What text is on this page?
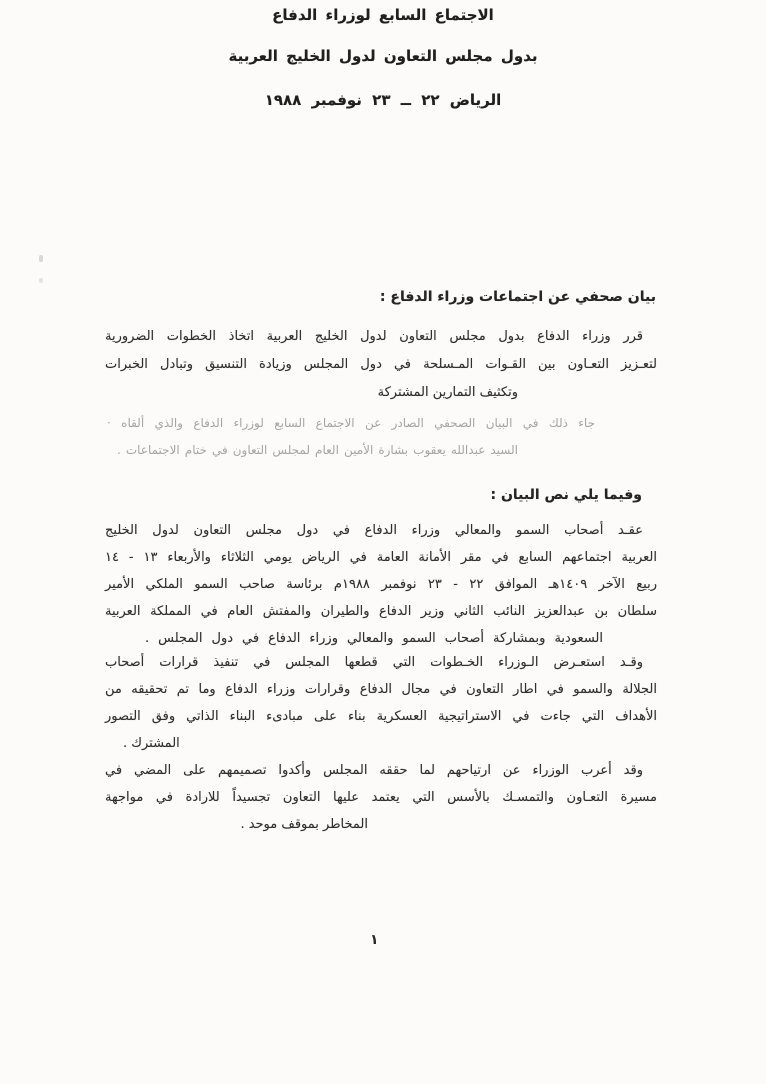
الاجتماع السابع لوزراء الدفاع
بدول مجلس التعاون لدول الخليج العربية
الرياض ٢٢ ــ ٢٣ نوفمبر ١٩٨٨
بيان صحفي عن اجتماعات وزراء الدفاع :
قرر وزراء الدفاع بدول مجلس التعاون لدول الخليج العربية اتخاذ الخطوات الضرورية
لتعـزيز التعـاون بين القـوات المـسلحة في دول المجلس وزيادة التنسيق وتبادل الخبرات
وتكثيف التمارين المشتركة
جاء ذلك في البيان الصحفي الصادر عن الاجتماع السابع لوزراء الدفاع والذي ألقاه ·
السيد عبدالله يعقوب بشارة الأمين العام لمجلس التعاون في ختام الاجتماعات .
وفيما يلي نص البيان :
عقـد أصحاب السمو والمعالي وزراء الدفاع في دول مجلس التعاون لدول الخليج
العربية اجتماعهم السابع في مقر الأمانة العامة في الرياض يومي الثلاثاء والأربعاء ١٣ - ١٤
ربيع الآخر ١٤٠٩هـ الموافق ٢٢ - ٢٣ نوفمبر ١٩٨٨م برئاسة صاحب السمو الملكي الأمير
سلطان بن عبدالعزيز النائب الثاني وزير الدفاع والطيران والمفتش العام في المملكة العربية
السعودية وبمشاركة أصحاب السمو والمعالي وزراء الدفاع في دول المجلس .
وقـد استعـرض الـوزراء الخـطوات التي قطعها المجلس في تنفيذ قرارات أصحاب
الجلالة والسمو في اطار التعاون في مجال الدفاع وقرارات وزراء الدفاع وما تم تحقيقه من
الأهداف التي جاءت في الاستراتيجية العسكرية بناء على مبادىء البناء الذاتي وفق التصور
المشترك .
وقد أعرب الوزراء عن ارتياحهم لما حققه المجلس وأكدوا تصميمهم على المضي في
مسيرة التعـاون والتمسـك بالأسس التي يعتمد عليها التعاون تجسيداً للارادة في مواجهة
المخاطر بموقف موحد .
١
